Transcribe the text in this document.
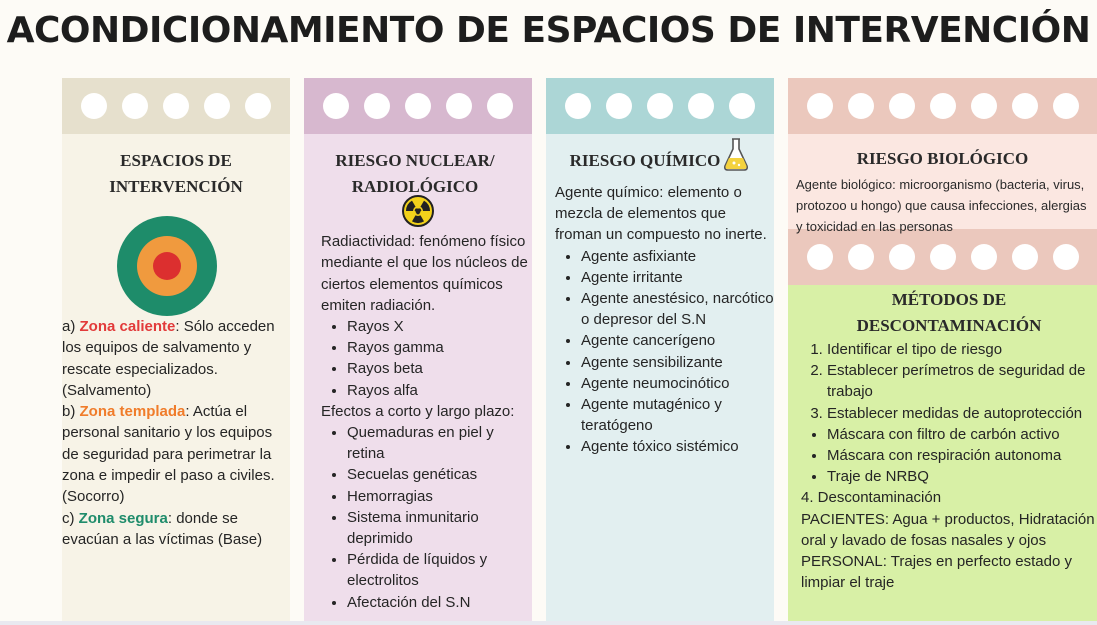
ACONDICIONAMIENTO DE ESPACIOS DE INTERVENCIÓN
ESPACIOS DE INTERVENCIÓN
a) Zona caliente: Sólo acceden los equipos de salvamento y rescate especializados. (Salvamento)
b) Zona templada: Actúa el personal sanitario y los equipos de seguridad para perimetrar la zona e impedir el paso a civiles. (Socorro)
c) Zona segura: donde se evacúan a las víctimas (Base)
RIESGO NUCLEAR/ RADIOLÓGICO
Radiactividad: fenómeno físico mediante el que los núcleos de ciertos elementos químicos emiten radiación.
• Rayos X
• Rayos gamma
• Rayos beta
• Rayos alfa
Efectos a corto y largo plazo:
• Quemaduras en piel y retina
• Secuelas genéticas
• Hemorragias
• Sistema inmunitario deprimido
• Pérdida de líquidos y electrolitos
• Afectación del S.N
RIESGO QUÍMICO
Agente químico: elemento o mezcla de elementos que froman un compuesto no inerte.
• Agente asfixiante
• Agente irritante
• Agente anestésico, narcótico o depresor del S.N
• Agente cancerígeno
• Agente sensibilizante
• Agente neumocinótico
• Agente mutagénico y teratógeno
• Agente tóxico sistémico
RIESGO BIOLÓGICO
Agente biológico: microorganismo (bacteria, virus, protozoo u hongo) que causa infecciones, alergias y toxicidad en las personas
MÉTODOS DE DESCONTAMINACIÓN
1. Identificar el tipo de riesgo
2. Establecer perímetros de seguridad de trabajo
3. Establecer medidas de autoprotección
• Máscara con filtro de carbón activo
• Máscara con respiración autonoma
• Traje de NRBQ
4. Descontaminación
PACIENTES: Agua + productos, Hidratación oral y lavado de fosas nasales y ojos
PERSONAL: Trajes en perfecto estado y limpiar el traje
